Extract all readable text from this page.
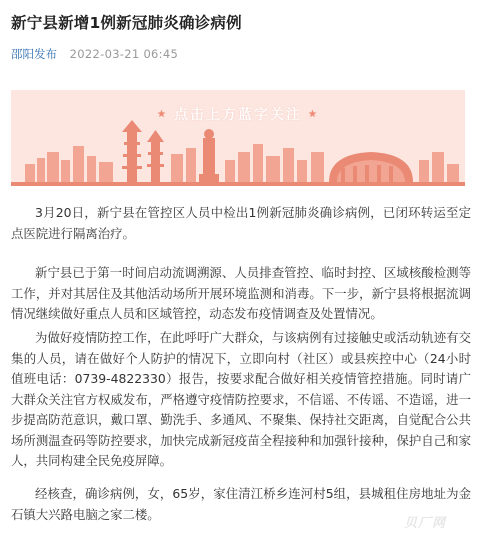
新宁县新增1例新冠肺炎确诊病例
邵阳发布 2022-03-21 06:45
★ 点击上方蓝字关注 ★

3月20日，新宁县在管控区人员中检出1例新冠肺炎确诊病例，已闭环转运至定点医院进行隔离治疗。

新宁县已于第一时间启动流调溯源、人员排查管控、临时封控、区域核酸检测等工作，并对其居住及其他活动场所开展环境监测和消毒。下一步，新宁县将根据流调情况继续做好重点人员和区域管控，动态发布疫情调查及处置情况。

为做好疫情防控工作，在此呼吁广大群众，与该病例有过接触史或活动轨迹有交集的人员，请在做好个人防护的情况下，立即向村（社区）或县疾控中心（24小时值班电话：0739-4822330）报告，按要求配合做好相关疫情管控措施。同时请广大群众关注官方权威发布，严格遵守疫情防控要求，不信谣、不传谣、不造谣，进一步提高防范意识，戴口罩、勤洗手、多通风、不聚集、保持社交距离，自觉配合公共场所测温查码等防控要求，加快完成新冠疫苗全程接种和加强针接种，保护自己和家人，共同构建全民免疫屏障。

经核查，确诊病例，女，65岁，家住清江桥乡连河村5组，县城租住房地址为金石镇大兴路电脑之家二楼。

贝厂网
